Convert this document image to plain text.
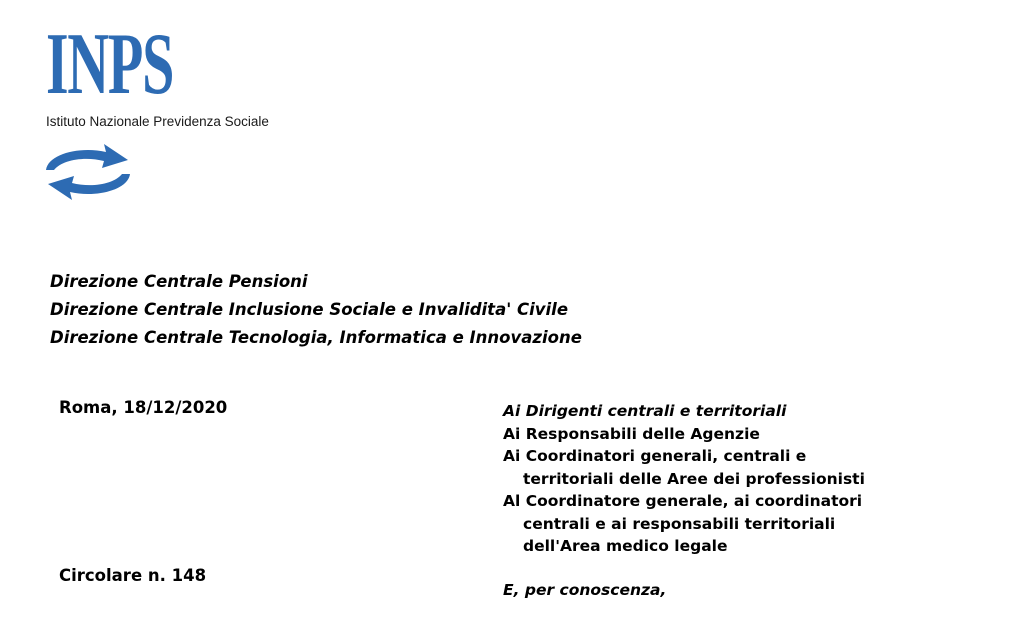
INPS
Istituto Nazionale Previdenza Sociale
Direzione Centrale Pensioni
Direzione Centrale Inclusione Sociale e Invalidita' Civile
Direzione Centrale Tecnologia, Informatica e Innovazione
Roma, 18/12/2020
Circolare n. 148
Ai Dirigenti centrali e territoriali
Ai Responsabili delle Agenzie
Ai Coordinatori generali, centrali e
territoriali delle Aree dei professionisti
Al Coordinatore generale, ai coordinatori
centrali e ai responsabili territoriali
dell'Area medico legale
E, per conoscenza,
